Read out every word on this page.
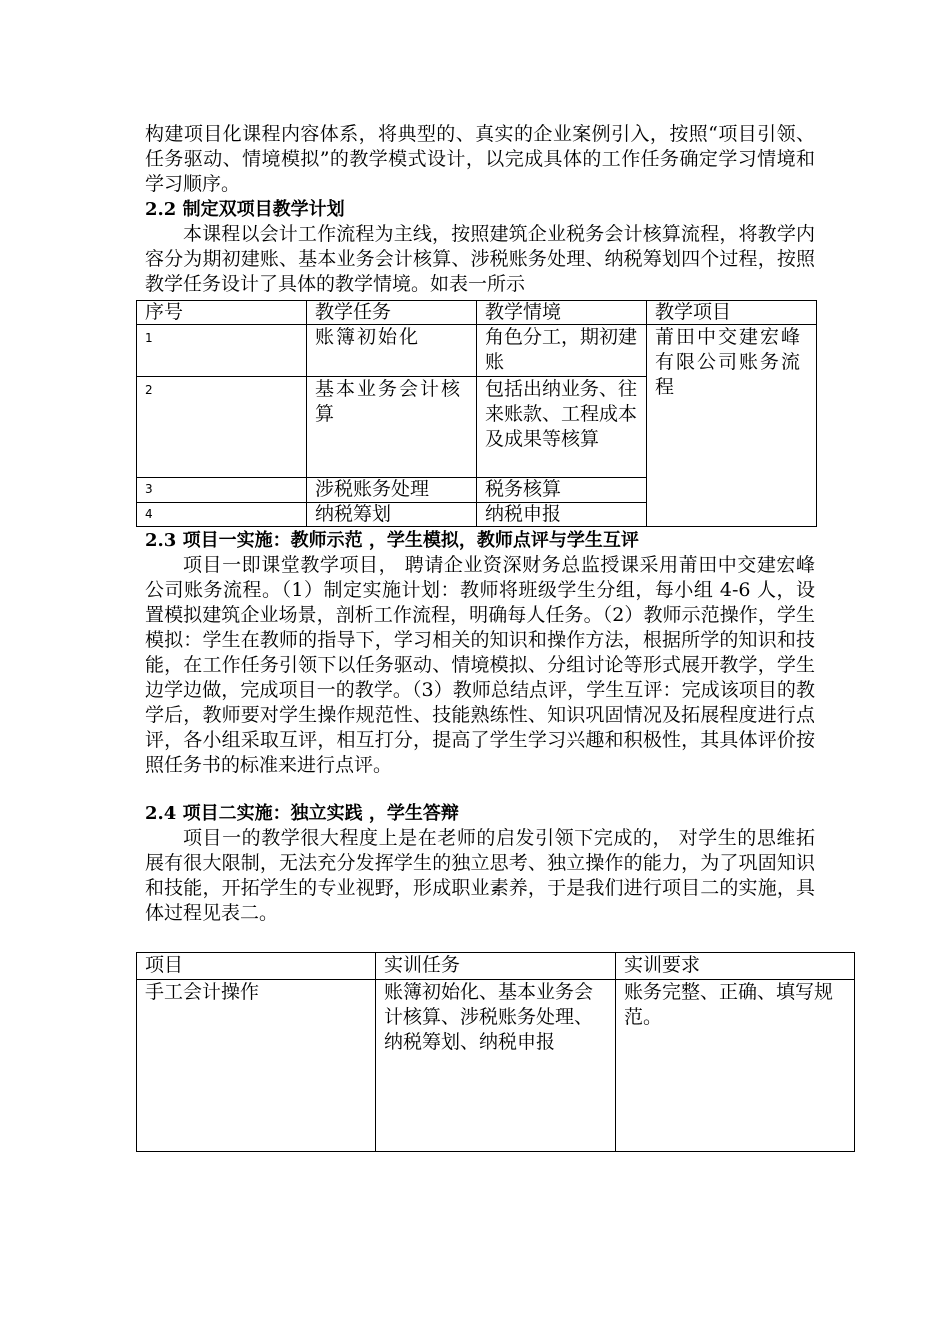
构建项目化课程内容体系，将典型的、真实的企业案例引入，按照“项目引领、任务驱动、情境模拟”的教学模式设计，以完成具体的工作任务确定学习情境和学习顺序。

2.2 制定双项目教学计划

本课程以会计工作流程为主线，按照建筑企业税务会计核算流程，将教学内容分为期初建账、基本业务会计核算、涉税账务处理、纳税筹划四个过程，按照教学任务设计了具体的教学情境。如表一所示

序号	教学任务	教学情境	教学项目
1	账簿初始化	角色分工，期初建账	莆田中交建宏峰有限公司账务流程
2	基本业务会计核算	包括出纳业务、往来账款、工程成本及成果等核算	
3	涉税账务处理	税务核算	
4	纳税筹划	纳税申报	

2.3 项目一实施：教师示范 ，学生模拟，教师点评与学生互评

项目一即课堂教学项目， 聘请企业资深财务总监授课采用莆田中交建宏峰公司账务流程。（1）制定实施计划：教师将班级学生分组，每小组 4-6 人，设置模拟建筑企业场景，剖析工作流程，明确每人任务。（2）教师示范操作，学生模拟：学生在教师的指导下，学习相关的知识和操作方法，根据所学的知识和技能，在工作任务引领下以任务驱动、情境模拟、分组讨论等形式展开教学，学生边学边做，完成项目一的教学。（3）教师总结点评，学生互评：完成该项目的教学后，教师要对学生操作规范性、技能熟练性、知识巩固情况及拓展程度进行点评，各小组采取互评，相互打分，提高了学生学习兴趣和积极性，其具体评价按照任务书的标准来进行点评。

2.4 项目二实施：独立实践 ，学生答辩

项目一的教学很大程度上是在老师的启发引领下完成的， 对学生的思维拓展有很大限制，无法充分发挥学生的独立思考、独立操作的能力，为了巩固知识和技能，开拓学生的专业视野，形成职业素养，于是我们进行项目二的实施，具体过程见表二。

项目	实训任务	实训要求
手工会计操作	账簿初始化、基本业务会计核算、涉税账务处理、纳税筹划、纳税申报	账务完整、正确、填写规范。
